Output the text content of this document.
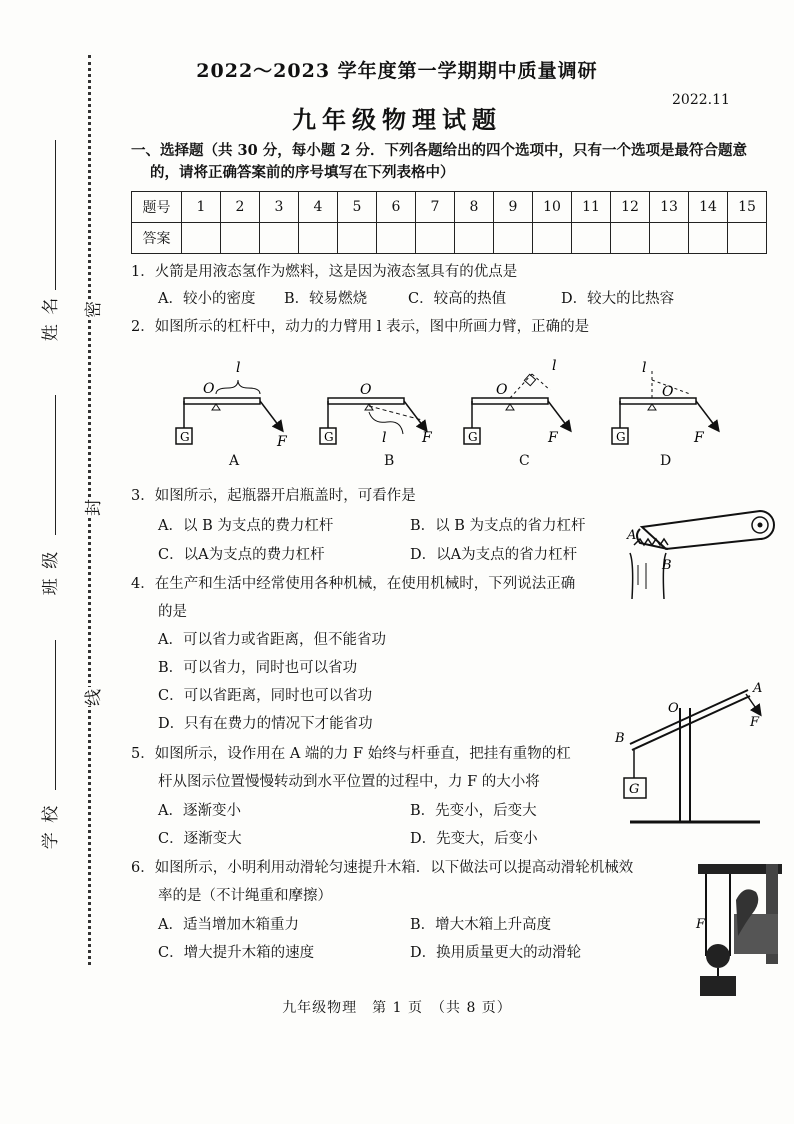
姓 名
班 级
学 校
密
封
线
2022～2023 学年度第一学期期中质量调研
九年级物理试题
2022.11
一、选择题（共 30 分，每小题 2 分．下列各题给出的四个选项中，只有一个选项是最符合题意
的，请将正确答案前的序号填写在下列表格中）
题号	1	2	3	4	5	6	7	8	9	10	11	12	13	14	15
答案															
1．火箭是用液态氢作为燃料，这是因为液态氢具有的优点是
A．较小的密度 B．较易燃烧	C．较高的热值	D．较大的比热容
2．如图所示的杠杆中，动力的力臂用 l 表示，图中所画力臂，正确的是
G
O
l
F	G
O
l	F	G
O
l
F	G
O
l
F
A	B	C	D
3．如图所示，起瓶器开启瓶盖时，可看作是
A．以 B 为支点的费力杠杆	B．以 B 为支点的省力杠杆
C．以A为支点的费力杠杆	D．以A为支点的省力杠杆
A
B
4．在生产和生活中经常使用各种机械，在使用机械时，下列说法正确
的是
A．可以省力或省距离，但不能省功
B．可以省力，同时也可以省功
C．可以省距离，同时也可以省功
D．只有在费力的情况下才能省功
5．如图所示，设作用在 A 端的力 F 始终与杆垂直，把挂有重物的杠
杆从图示位置慢慢转动到水平位置的过程中，力 F 的大小将
A．逐渐变小	B．先变小，后变大
C．逐渐变大	D．先变大，后变小
G
A
B
O
F
6．如图所示，小明利用动滑轮匀速提升木箱．以下做法可以提高动滑轮机械效
率的是（不计绳重和摩擦）
A．适当增加木箱重力	B．增大木箱上升高度
C．增大提升木箱的速度	D．换用质量更大的动滑轮
F
九年级物理　第 1 页　（共 8 页）
